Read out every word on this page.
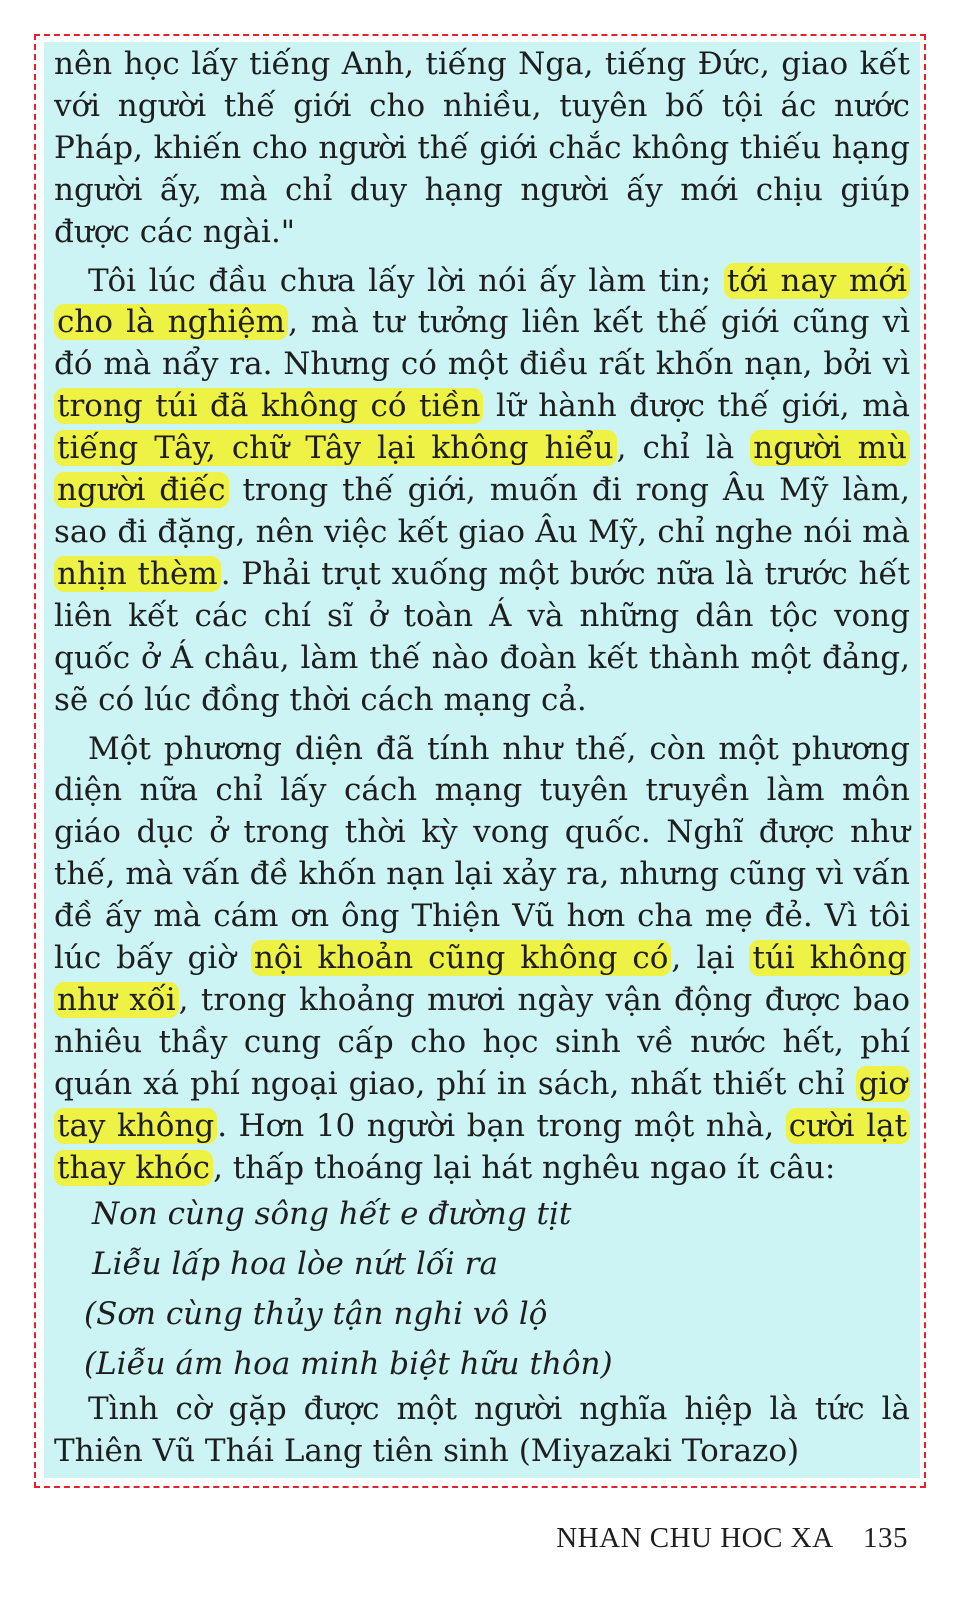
nên học lấy tiếng Anh, tiếng Nga, tiếng Đức, giao kết với người thế giới cho nhiều, tuyên bố tội ác nước Pháp, khiến cho người thế giới chắc không thiếu hạng người ấy, mà chỉ duy hạng người ấy mới chịu giúp được các ngài."

Tôi lúc đầu chưa lấy lời nói ấy làm tin; tới nay mới cho là nghiệm, mà tư tưởng liên kết thế giới cũng vì đó mà nẩy ra. Nhưng có một điều rất khốn nạn, bởi vì trong túi đã không có tiền lữ hành được thế giới, mà tiếng Tây, chữ Tây lại không hiểu, chỉ là người mù người điếc trong thế giới, muốn đi rong Âu Mỹ làm, sao đi đặng, nên việc kết giao Âu Mỹ, chỉ nghe nói mà nhịn thèm. Phải trụt xuống một bước nữa là trước hết liên kết các chí sĩ ở toàn Á và những dân tộc vong quốc ở Á châu, làm thế nào đoàn kết thành một đảng, sẽ có lúc đồng thời cách mạng cả.

Một phương diện đã tính như thế, còn một phương diện nữa chỉ lấy cách mạng tuyên truyền làm môn giáo dục ở trong thời kỳ vong quốc. Nghĩ được như thế, mà vấn đề khốn nạn lại xảy ra, nhưng cũng vì vấn đề ấy mà cám ơn ông Thiện Vũ hơn cha mẹ đẻ. Vì tôi lúc bấy giờ nội khoản cũng không có, lại túi không như xối, trong khoảng mươi ngày vận động được bao nhiêu thầy cung cấp cho học sinh về nước hết, phí quán xá phí ngoại giao, phí in sách, nhất thiết chỉ giơ tay không. Hơn 10 người bạn trong một nhà, cười lạt thay khóc, thấp thoáng lại hát nghêu ngao ít câu:

Non cùng sông hết e đường tịt
Liễu lấp hoa lòe nứt lối ra
(Sơn cùng thủy tận nghi vô lộ
(Liễu ám hoa minh biệt hữu thôn)

Tình cờ gặp được một người nghĩa hiệp là tức là Thiên Vũ Thái Lang tiên sinh (Miyazaki Torazo)

NHAN CHU HOC XA 135
